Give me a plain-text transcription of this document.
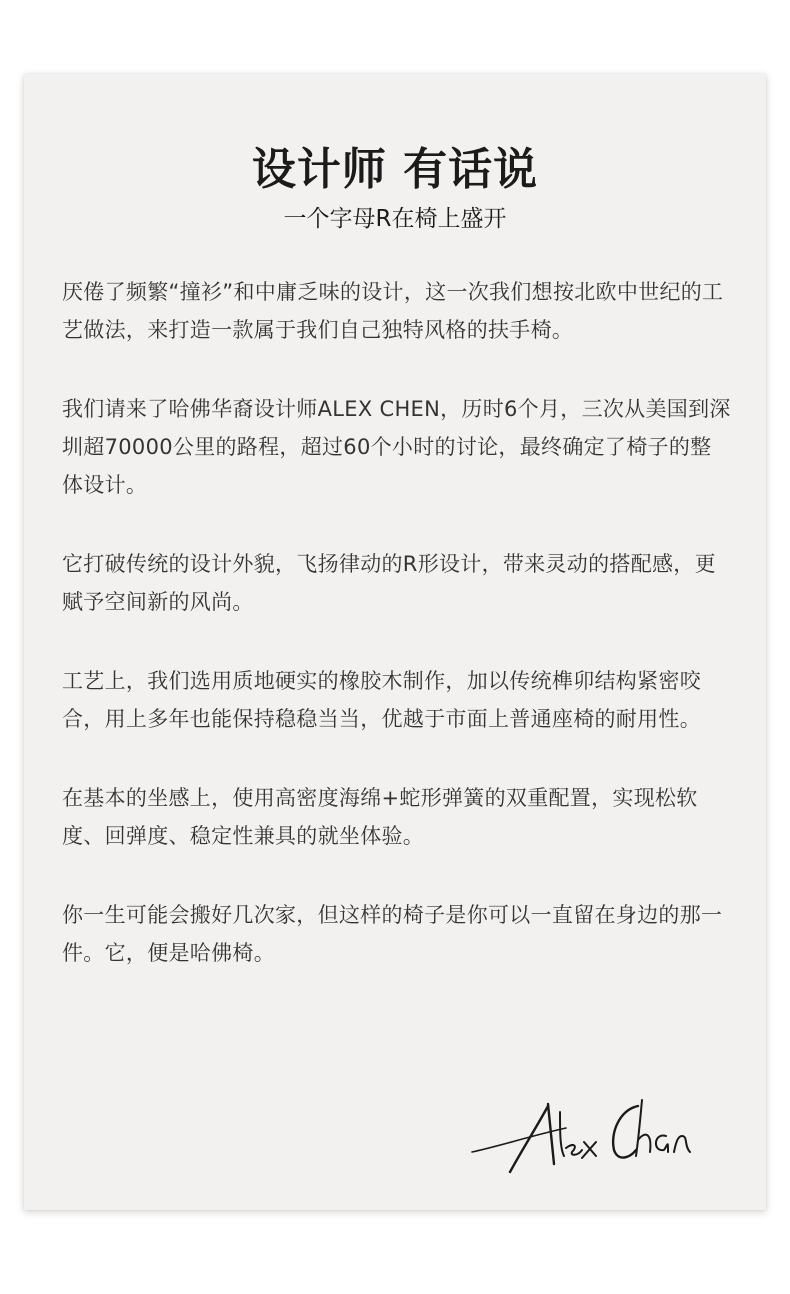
设计师 有话说
一个字母R在椅上盛开

厌倦了频繁“撞衫”和中庸乏味的设计，这一次我们想按北欧中世纪的工艺做法，来打造一款属于我们自己独特风格的扶手椅。

我们请来了哈佛华裔设计师ALEX CHEN，历时6个月，三次从美国到深圳超70000公里的路程，超过60个小时的讨论，最终确定了椅子的整体设计。

它打破传统的设计外貌，飞扬律动的R形设计，带来灵动的搭配感，更赋予空间新的风尚。

工艺上，我们选用质地硬实的橡胶木制作，加以传统榫卯结构紧密咬合，用上多年也能保持稳稳当当，优越于市面上普通座椅的耐用性。

在基本的坐感上，使用高密度海绵+蛇形弹簧的双重配置，实现松软度、回弹度、稳定性兼具的就坐体验。

你一生可能会搬好几次家，但这样的椅子是你可以一直留在身边的那一件。它，便是哈佛椅。
